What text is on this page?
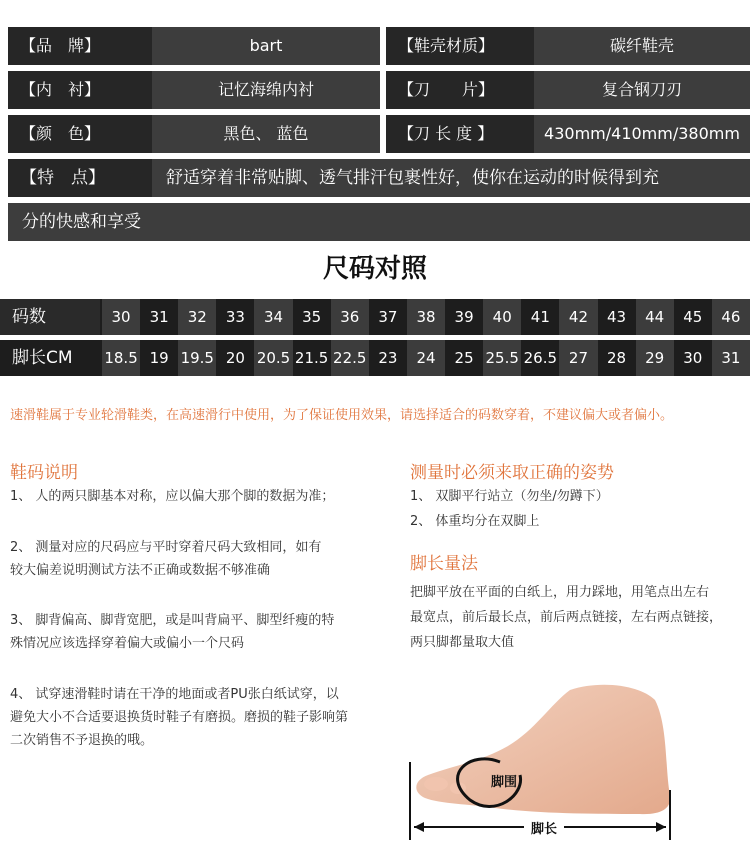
【品　牌】	bart	【鞋壳材质】	碳纤鞋壳
【内　衬】	记忆海绵内衬	【刀　　片】	复合钢刀刃
【颜　色】	黑色、 蓝色	【刀 长 度 】	430mm/410mm/380mm
【特　点】	舒适穿着非常贴脚、透气排汗包裹性好，使你在运动的时候得到充
分的快感和享受
尺码对照
码数	30	31	32	33	34	35	36	37	38	39	40	41	42	43	44	45	46
脚长CM	18.5 19 19.5 20 20.5 21.5 22.5 23	24	25 25.5 26.5 27	28	29	30	31
速滑鞋属于专业轮滑鞋类，在高速滑行中使用，为了保证使用效果，请选择适合的码数穿着，不建议偏大或者偏小。
鞋码说明
1、 人的两只脚基本对称，应以偏大那个脚的数据为准；
2、 测量对应的尺码应与平时穿着尺码大致相同，如有
较大偏差说明测试方法不正确或数据不够准确
3、 脚背偏高、脚背宽肥，或是叫背扁平、脚型纤瘦的特
殊情况应该选择穿着偏大或偏小一个尺码
4、 试穿速滑鞋时请在干净的地面或者PU张白纸试穿，以
避免大小不合适要退换货时鞋子有磨损。磨损的鞋子影响第
二次销售不予退换的哦。
测量时必须来取正确的姿势
1、 双脚平行站立（勿坐/勿蹲下）
2、 体重均分在双脚上
脚长量法
把脚平放在平面的白纸上，用力踩地，用笔点出左右
最宽点，前后最长点，前后两点链接，左右两点链接，
两只脚都量取大值
脚长
脚围
